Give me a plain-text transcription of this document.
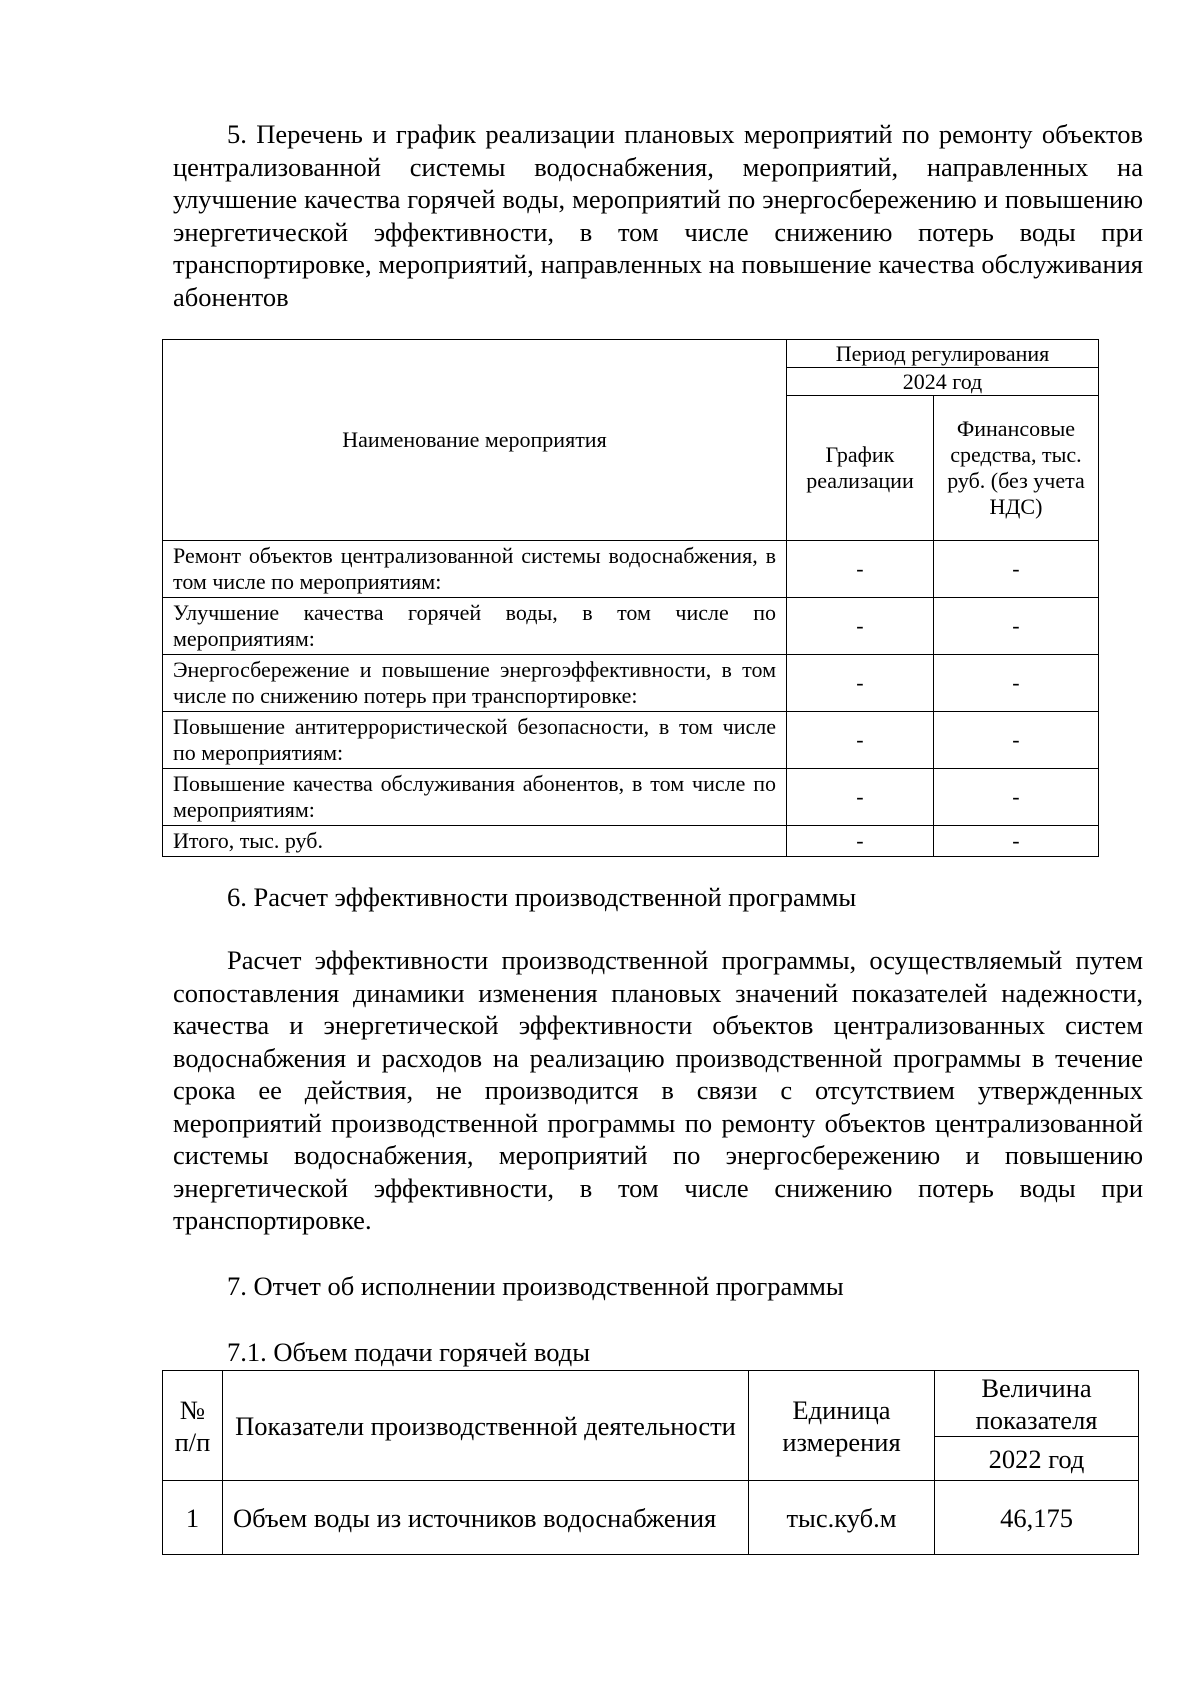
5. Перечень и график реализации плановых мероприятий по ремонту объектов централизованной системы водоснабжения, мероприятий, направленных на улучшение качества горячей воды, мероприятий по энергосбережению и повышению энергетической эффективности, в том числе снижению потерь воды при транспортировке, мероприятий, направленных на повышение качества обслуживания абонентов

Наименование мероприятия	Период регулирования	
	2024 год	
	График реализации	Финансовые средства, тыс. руб. (без учета НДС)
Ремонт объектов централизованной системы водоснабжения, в том числе по мероприятиям:	-	-
Улучшение качества горячей воды, в том числе по мероприятиям:	-	-
Энергосбережение и повышение энергоэффективности, в том числе по снижению потерь при транспортировке:	-	-
Повышение антитеррористической безопасности, в том числе по мероприятиям:	-	-
Повышение качества обслуживания абонентов, в том числе по мероприятиям:	-	-
Итого, тыс. руб.	-	-
6. Расчет эффективности производственной программы

Расчет эффективности производственной программы, осуществляемый путем сопоставления динамики изменения плановых значений показателей надежности, качества и энергетической эффективности объектов централизованных систем водоснабжения и расходов на реализацию производственной программы в течение срока ее действия, не производится в связи с отсутствием утвержденных мероприятий производственной программы по ремонту объектов централизованной системы водоснабжения, мероприятий по энергосбережению и повышению энергетической эффективности, в том числе снижению потерь воды при транспортировке.

7. Отчет об исполнении производственной программы
7.1. Объем подачи горячей воды
№ п/п	Показатели производственной деятельности	Единица измерения	Величина показателя
			2022 год
1	Объем воды из источников водоснабжения	тыс.куб.м	46,175
